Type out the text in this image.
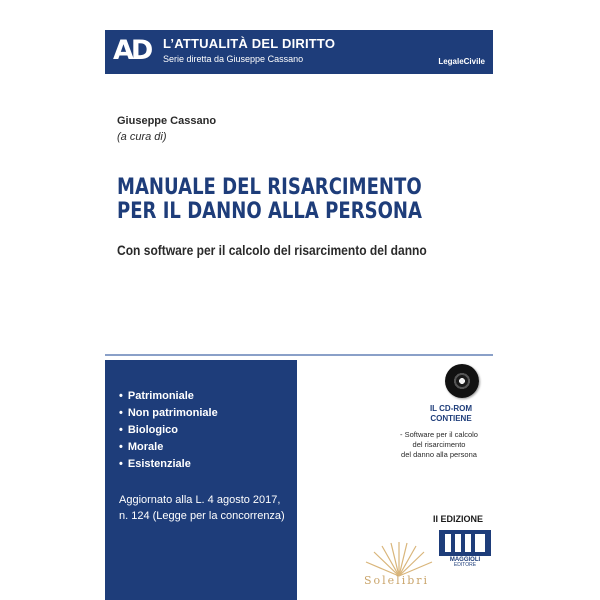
AD L’ATTUALITÀ DEL DIRITTO
Serie diretta da Giuseppe Cassano	LegaleCivile
Giuseppe Cassano
(a cura di)
MANUALE DEL RISARCIMENTO
PER IL DANNO ALLA PERSONA
Con software per il calcolo del risarcimento del danno
• Patrimoniale
• Non patrimoniale
• Biologico
• Morale
• Esistenziale
Aggiornato alla L. 4 agosto 2017,
n. 124 (Legge per la concorrenza)
IL CD-ROM
CONTIENE
- Software per il calcolo
del risarcimento
del danno alla persona
II EDIZIONE
MAGGIOLI
EDITORE
Solelibri
